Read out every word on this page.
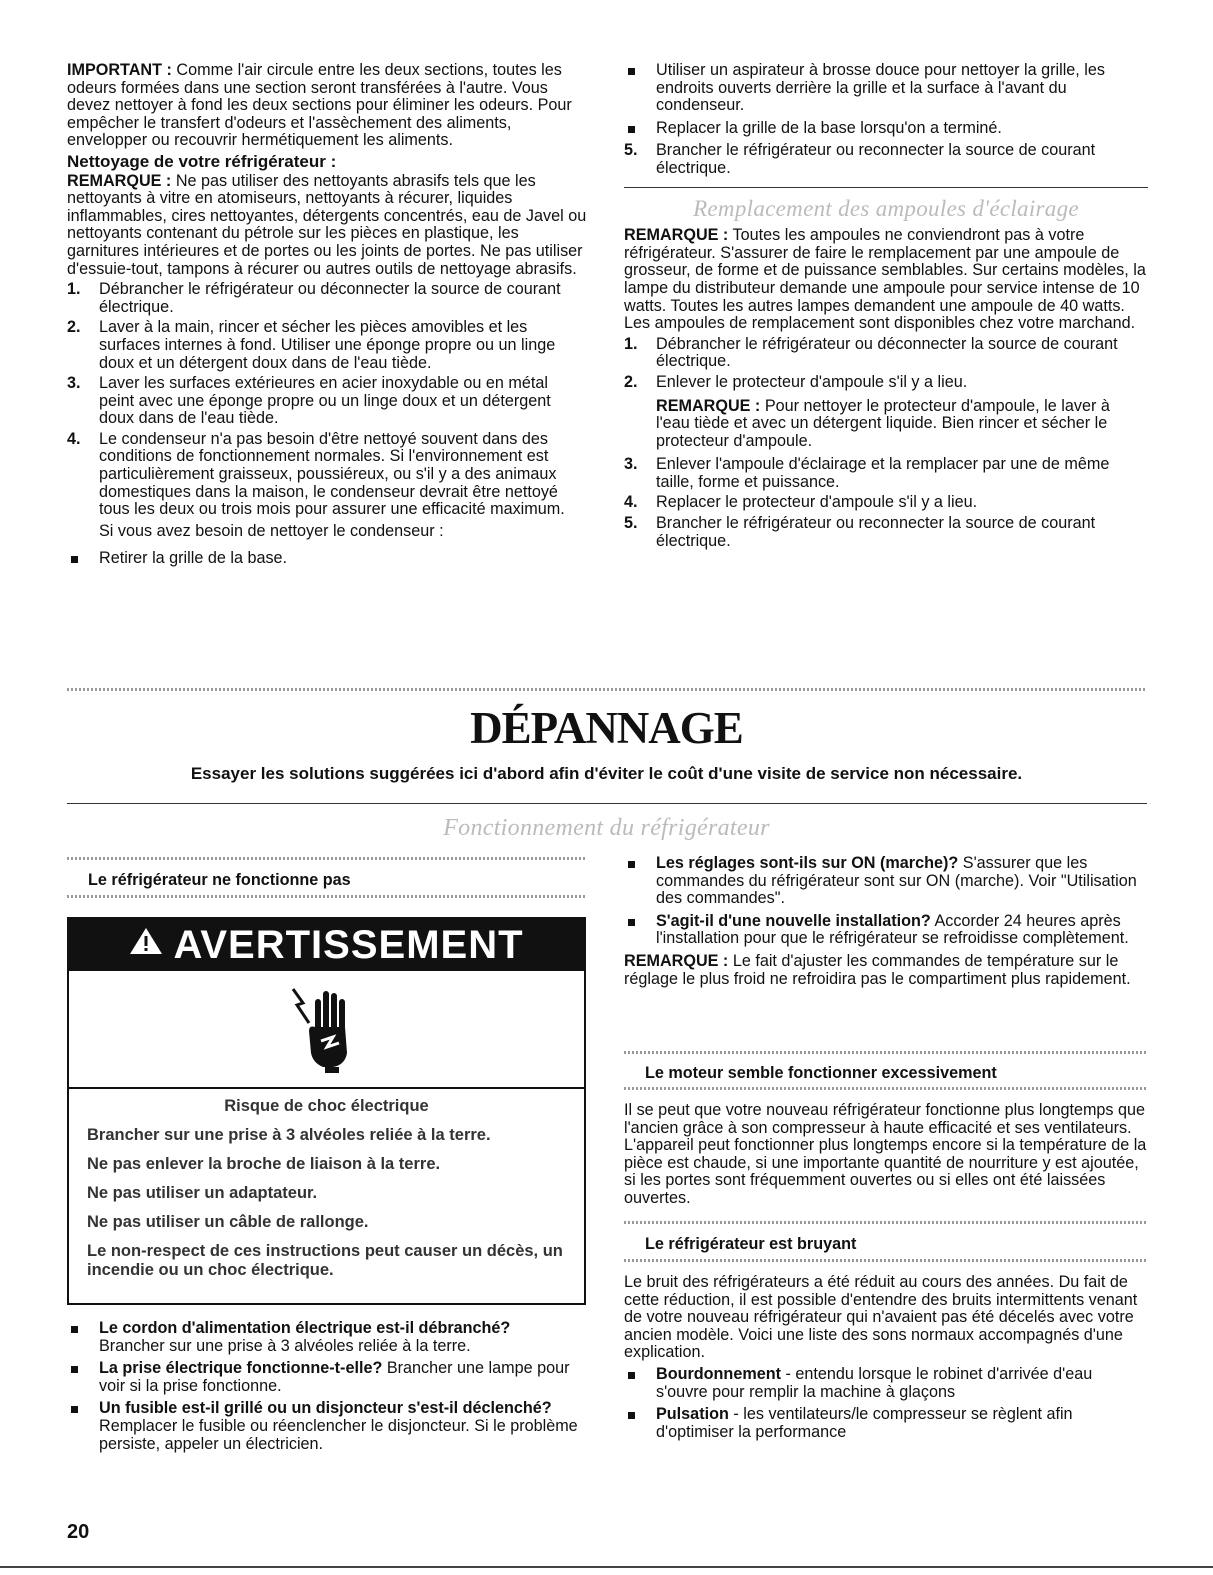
IMPORTANT : Comme l'air circule entre les deux sections, toutes les odeurs formées dans une section seront transférées à l'autre. Vous devez nettoyer à fond les deux sections pour éliminer les odeurs. Pour empêcher le transfert d'odeurs et l'assèchement des aliments, envelopper ou recouvrir hermétiquement les aliments.

Nettoyage de votre réfrigérateur :

REMARQUE : Ne pas utiliser des nettoyants abrasifs tels que les nettoyants à vitre en atomiseurs, nettoyants à récurer, liquides inflammables, cires nettoyantes, détergents concentrés, eau de Javel ou nettoyants contenant du pétrole sur les pièces en plastique, les garnitures intérieures et de portes ou les joints de portes. Ne pas utiliser d'essuie-tout, tampons à récurer ou autres outils de nettoyage abrasifs.

1.	Débrancher le réfrigérateur ou déconnecter la source de courant électrique.
2.	Laver à la main, rincer et sécher les pièces amovibles et les surfaces internes à fond. Utiliser une éponge propre ou un linge doux et un détergent doux dans de l'eau tiède.
3.	Laver les surfaces extérieures en acier inoxydable ou en métal peint avec une éponge propre ou un linge doux et un détergent doux dans de l'eau tiède.
4.	Le condenseur n'a pas besoin d'être nettoyé souvent dans des conditions de fonctionnement normales. Si l'environnement est particulièrement graisseux, poussiéreux, ou s'il y a des animaux domestiques dans la maison, le condenseur devrait être nettoyé tous les deux ou trois mois pour assurer une efficacité maximum.

Si vous avez besoin de nettoyer le condenseur :

Retirer la grille de la base.
Utiliser un aspirateur à brosse douce pour nettoyer la grille, les endroits ouverts derrière la grille et la surface à l'avant du condenseur.
Replacer la grille de la base lorsqu'on a terminé.
5.	Brancher le réfrigérateur ou reconnecter la source de courant électrique.
Remplacement des ampoules d'éclairage

REMARQUE : Toutes les ampoules ne conviendront pas à votre réfrigérateur. S'assurer de faire le remplacement par une ampoule de grosseur, de forme et de puissance semblables. Sur certains modèles, la lampe du distributeur demande une ampoule pour service intense de 10 watts. Toutes les autres lampes demandent une ampoule de 40 watts. Les ampoules de remplacement sont disponibles chez votre marchand.

1.	Débrancher le réfrigérateur ou déconnecter la source de courant électrique.
2.	Enlever le protecteur d'ampoule s'il y a lieu.

REMARQUE : Pour nettoyer le protecteur d'ampoule, le laver à l'eau tiède et avec un détergent liquide. Bien rincer et sécher le protecteur d'ampoule.

3.	Enlever l'ampoule d'éclairage et la remplacer par une de même taille, forme et puissance.
4.	Replacer le protecteur d'ampoule s'il y a lieu.
5.	Brancher le réfrigérateur ou reconnecter la source de courant électrique.
DÉPANNAGE
Essayer les solutions suggérées ici d'abord afin d'éviter le coût d'une visite de service non nécessaire.
Fonctionnement du réfrigérateur
Le réfrigérateur ne fonctionne pas
AVERTISSEMENT
Risque de choc électrique
Brancher sur une prise à 3 alvéoles reliée à la terre.
Ne pas enlever la broche de liaison à la terre.
Ne pas utiliser un adaptateur.
Ne pas utiliser un câble de rallonge.
Le non-respect de ces instructions peut causer un décès, un incendie ou un choc électrique.
Le cordon d'alimentation électrique est-il débranché?
Brancher sur une prise à 3 alvéoles reliée à la terre.
La prise électrique fonctionne-t-elle? Brancher une lampe pour voir si la prise fonctionne.
Un fusible est-il grillé ou un disjoncteur s'est-il déclenché? Remplacer le fusible ou réenclencher le disjoncteur. Si le problème persiste, appeler un électricien.
Les réglages sont-ils sur ON (marche)? S'assurer que les commandes du réfrigérateur sont sur ON (marche). Voir "Utilisation des commandes".
S'agit-il d'une nouvelle installation? Accorder 24 heures après l'installation pour que le réfrigérateur se refroidisse complètement.

REMARQUE : Le fait d'ajuster les commandes de température sur le réglage le plus froid ne refroidira pas le compartiment plus rapidement.

Le moteur semble fonctionner excessivement

Il se peut que votre nouveau réfrigérateur fonctionne plus longtemps que l'ancien grâce à son compresseur à haute efficacité et ses ventilateurs. L'appareil peut fonctionner plus longtemps encore si la température de la pièce est chaude, si une importante quantité de nourriture y est ajoutée, si les portes sont fréquemment ouvertes ou si elles ont été laissées ouvertes.

Le réfrigérateur est bruyant

Le bruit des réfrigérateurs a été réduit au cours des années. Du fait de cette réduction, il est possible d'entendre des bruits intermittents venant de votre nouveau réfrigérateur qui n'avaient pas été décelés avec votre ancien modèle. Voici une liste des sons normaux accompagnés d'une explication.

Bourdonnement - entendu lorsque le robinet d'arrivée d'eau s'ouvre pour remplir la machine à glaçons
Pulsation - les ventilateurs/le compresseur se règlent afin d'optimiser la performance
20
